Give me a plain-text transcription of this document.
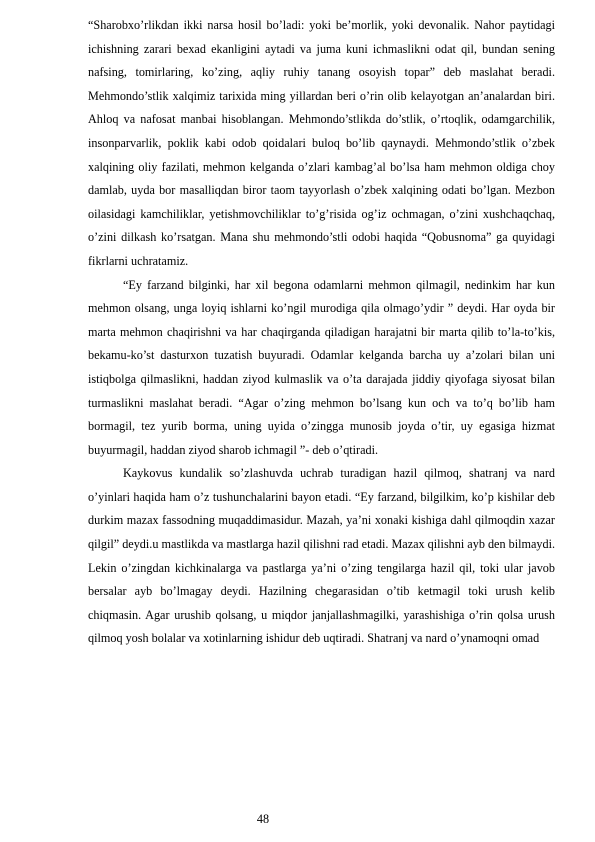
“Sharobxo’rlikdan ikki narsa hosil bo’ladi: yoki be’morlik, yoki devonalik. Nahor paytidagi ichishning zarari bexad ekanligini aytadi va juma kuni ichmaslikni odat qil, bundan sening nafsing, tomirlaring, ko’zing, aqliy ruhiy tanang osoyish topar” deb maslahat beradi. Mehmondo’stlik xalqimiz tarixida ming yillardan beri o’rin olib kelayotgan an’analardan biri. Ahloq va nafosat manbai hisoblangan. Mehmondo’stlikda do’stlik, o’rtoqlik, odamgarchilik, insonparvarlik, poklik kabi odob qoidalari buloq bo’lib qaynaydi. Mehmondo’stlik o’zbek xalqining oliy fazilati, mehmon kelganda o’zlari kambag’al bo’lsa ham mehmon oldiga choy damlab, uyda bor masalliqdan biror taom tayyorlash o’zbek xalqining odati bo’lgan. Mezbon oilasidagi kamchiliklar, yetishmovchiliklar to’g’risida og’iz ochmagan, o’zini xushchaqchaq, o’zini dilkash ko’rsatgan. Mana shu mehmondo’stli odobi haqida “Qobusnoma” ga quyidagi fikrlarni uchratamiz.

“Ey farzand bilginki, har xil begona odamlarni mehmon qilmagil, nedinkim har kun mehmon olsang, unga loyiq ishlarni ko’ngil murodiga qila olmago’ydir ” deydi. Har oyda bir marta mehmon chaqirishni va har chaqirganda qiladigan harajatni bir marta qilib to’la-to’kis, bekamu-ko’st dasturxon tuzatish buyuradi. Odamlar kelganda barcha uy a’zolari bilan uni istiqbolga qilmaslikni, haddan ziyod kulmaslik va o’ta darajada jiddiy qiyofaga siyosat bilan turmaslikni maslahat beradi. “Agar o’zing mehmon bo’lsang kun och va to’q bo’lib ham bormagil, tez yurib borma, uning uyida o’zingga munosib joyda o’tir, uy egasiga hizmat buyurmagil, haddan ziyod sharob ichmagil ”- deb o’qtiradi.

Kaykovus kundalik so’zlashuvda uchrab turadigan hazil qilmoq, shatranj va nard o’yinlari haqida ham o’z tushunchalarini bayon etadi. “Ey farzand, bilgilkim, ko’p kishilar deb durkim mazax fassodning muqaddimasidur. Mazah, ya’ni xonaki kishiga dahl qilmoqdin xazar qilgil” deydi.u mastlikda va mastlarga hazil qilishni rad etadi. Mazax qilishni ayb den bilmaydi. Lekin o’zingdan kichkinalarga va pastlarga ya’ni o’zing tengilarga hazil qil, toki ular javob bersalar ayb bo’lmagay deydi. Hazilning chegarasidan o’tib ketmagil toki urush kelib chiqmasin. Agar urushib qolsang, u miqdor janjallashmagilki, yarashishiga o’rin qolsa urush qilmoq yosh bolalar va xotinlarning ishidur deb uqtiradi. Shatranj va nard o’ynamoqni omad

48
